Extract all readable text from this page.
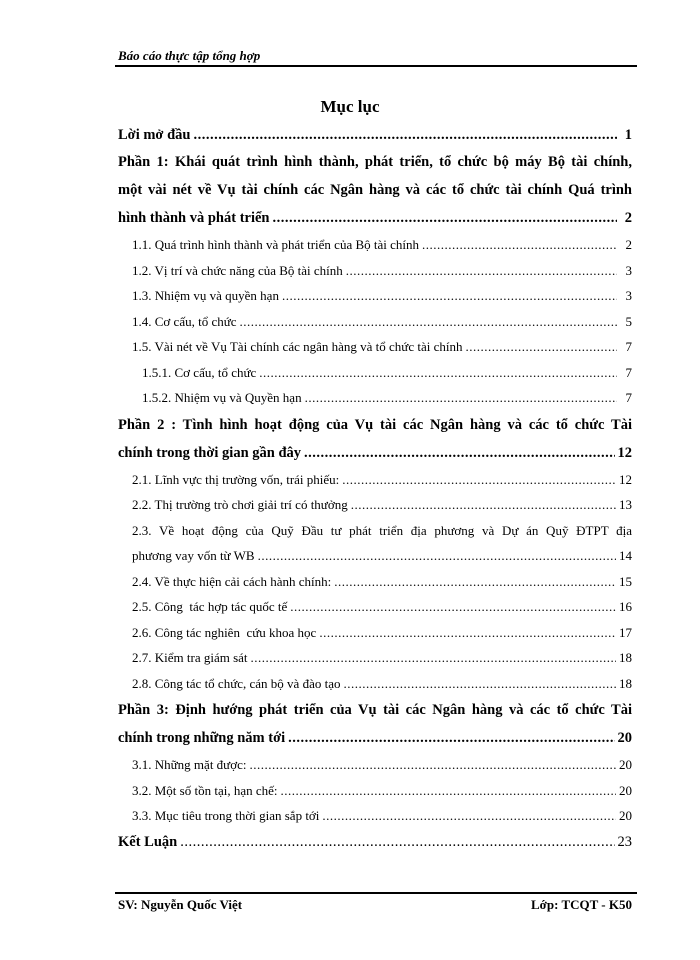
Báo cáo thực tập tổng hợp
Mục lục
Lời mở đầu .....	1
Phần 1: Khái quát trình hình thành, phát triển, tổ chức bộ máy Bộ tài chính,
một vài nét về Vụ tài chính các Ngân hàng và các tổ chức tài chính Quá trình
hình thành và phát triển .....	2
1.1. Quá trình hình thành và phát triển của Bộ tài chính .....	2
1.2. Vị trí và chức năng của Bộ tài chính .....	3
1.3. Nhiệm vụ và quyền hạn .....	3
1.4. Cơ cấu, tổ chức .....	5
1.5. Vài nét về Vụ Tài chính các ngân hàng và tổ chức tài chính .....	7
1.5.1. Cơ cấu, tổ chức .....	7
1.5.2. Nhiệm vụ và Quyền hạn .....	7
Phần 2 : Tình hình hoạt động của Vụ tài các Ngân hàng và các tổ chức Tài
chính trong thời gian gần đây .....	12
2.1. Lĩnh vực thị trường vốn, trái phiếu: .....	12
2.2. Thị trường trò chơi giải trí có thưởng .....	13
2.3. Về hoạt động của Quỹ Đầu tư phát triển địa phương và Dự án Quỹ ĐTPT địa
phương vay vốn từ WB .....	14
2.4. Về thực hiện cải cách hành chính: .....	15
2.5. Công  tác hợp tác quốc tế .....	16
2.6. Công tác nghiên  cứu khoa học .....	17
2.7. Kiểm tra giám sát .....	18
2.8. Công tác tổ chức, cán bộ và đào tạo .....	18
Phần 3: Định hướng phát triển của Vụ tài các Ngân hàng và các tổ chức Tài
chính trong những năm tới .....	20
3.1. Những mặt được: .....	20
3.2. Một số tồn tại, hạn chế: .....	20
3.3. Mục tiêu trong thời gian sắp tới .....	20
Kết Luận .....	23
SV: Nguyễn Quốc Việt	Lớp: TCQT - K50
